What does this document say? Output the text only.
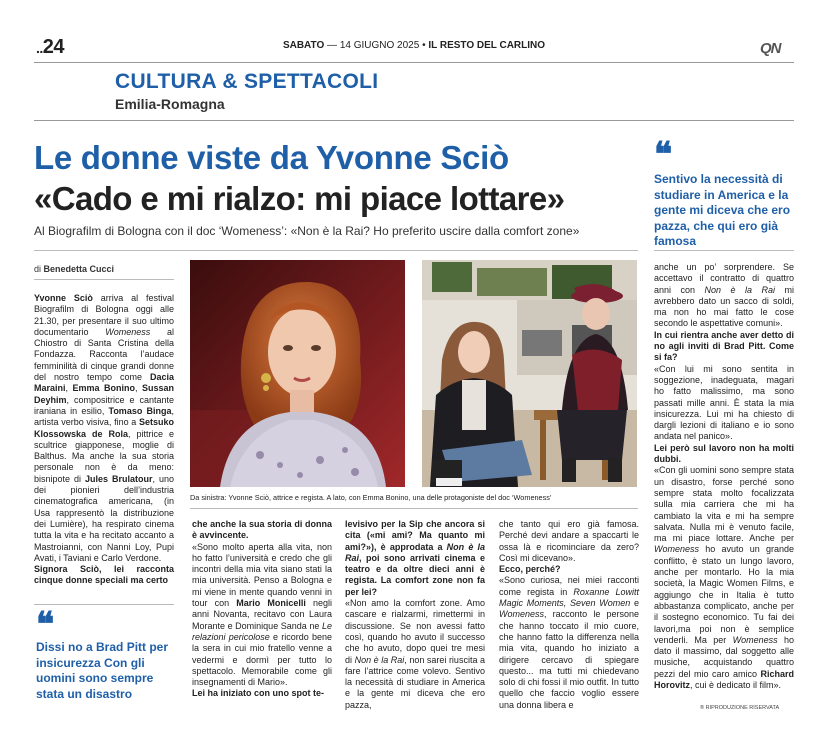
..24	SABATO — 14 GIUGNO 2025 • IL RESTO DEL CARLINO	QN
CULTURA & SPETTACOLI
Emilia-Romagna
Le donne viste da Yvonne Sciò
«Cado e mi rialzo: mi piace lottare»
Al Biografilm di Bologna con il doc ‘Womeness’: «Non è la Rai? Ho preferito uscire dalla comfort zone»
❝
Sentivo la necessità di studiare in America e la gente mi diceva che ero pazza, che qui ero già famosa
di Benedetta Cucci
Yvonne Sciò arriva al festival Biografilm di Bologna oggi alle 21.30, per presentare il suo ultimo documentario Womeness al Chiostro di Santa Cristina della Fondazza. Racconta l’audace femminilità di cinque grandi donne del nostro tempo come Dacia Maraini, Emma Bonino, Sussan Deyhim, compositrice e cantante iraniana in esilio, Tomaso Binga, artista verbo visiva, fino a Setsuko Klossowska de Rola, pittrice e scultrice giapponese, moglie di Balthus. Ma anche la sua storia personale non è da meno: bisnipote di Jules Brulatour, uno dei pionieri dell’industria cinematografica americana, (in Usa rappresentò la distribuzione dei Lumière), ha respirato cinema tutta la vita e ha recitato accanto a Mastroianni, con Nanni Loy, Pupi Avati, i Taviani e Carlo Verdone.
Signora Sciò, lei racconta cinque donne speciali ma certo
❝
Dissi no a Brad Pitt per insicurezza Con gli uomini sono sempre stata un disastro
Da sinistra: Yvonne Sciò, attrice e regista. A lato, con Emma Bonino, una delle protagoniste del doc ‘Womeness’
che anche la sua storia di donna è avvincente.
«Sono molto aperta alla vita, non ho fatto l’università e credo che gli incontri della mia vita siano stati la mia università. Penso a Bologna e mi viene in mente quando venni in tour con Mario Monicelli negli anni Novanta, recitavo con Laura Morante e Dominique Sanda ne Le relazioni pericolose e ricordo bene la sera in cui mio fratello venne a vedermi e dormì per tutto lo spettacolo. Memorabile come gli insegnamenti di Mario».
Lei ha iniziato con uno spot te-
levisivo per la Sip che ancora si cita («mi ami? Ma quanto mi ami?»), è approdata a Non è la Rai, poi sono arrivati cinema e teatro e da oltre dieci anni è regista. La comfort zone non fa per lei?
«Non amo la comfort zone. Amo cascare e rialzarmi, rimettermi in discussione. Se non avessi fatto così, quando ho avuto il successo che ho avuto, dopo quei tre mesi di Non è la Rai, non sarei riuscita a fare l’attrice come volevo. Sentivo la necessità di studiare in America e la gente mi diceva che ero pazza,
che tanto qui ero già famosa. Perché devi andare a spaccarti le ossa là e ricominciare da zero? Così mi dicevano».
Ecco, perché?
«Sono curiosa, nei miei racconti come regista in Roxanne Lowitt Magic Moments, Seven Women e Womeness, racconto le persone che hanno toccato il mio cuore, che hanno fatto la differenza nella mia vita, quando ho iniziato a dirigere cercavo di spiegare questo... ma tutti mi chiedevano solo di chi fossi il mio outfit. In tutto quello che faccio voglio essere una donna libera e
anche un po’ sorprendere. Se accettavo il contratto di quattro anni con Non è la Rai mi avrebbero dato un sacco di soldi, ma non ho mai fatto le cose secondo le aspettative comuni».
In cui rientra anche aver detto di no agli inviti di Brad Pitt. Come si fa?
«Con lui mi sono sentita in soggezione, inadeguata, magari ho fatto malissimo, ma sono passati mille anni. È stata la mia insicurezza. Lui mi ha chiesto di dargli lezioni di italiano e io sono andata nel panico».
Lei però sul lavoro non ha molti dubbi.
«Con gli uomini sono sempre stata un disastro, forse perché sono sempre stata molto focalizzata sulla mia carriera che mi ha cambiato la vita e mi ha sempre salvata. Nulla mi è venuto facile, ma mi piace lottare. Anche per Womeness ho avuto un grande conflitto, è stato un lungo lavoro, anche per montarlo. Ho la mia società, la Magic Women Films, e aggiungo che in Italia è tutto abbastanza complicato, anche per il sostegno economico. Tu fai dei lavori,ma poi non è semplice venderli. Ma per Womeness ho dato il massimo, dal soggetto alle musiche, acquistando quattro pezzi del mio caro amico Richard Horovitz, cui è dedicato il film».
® RIPRODUZIONE RISERVATA
